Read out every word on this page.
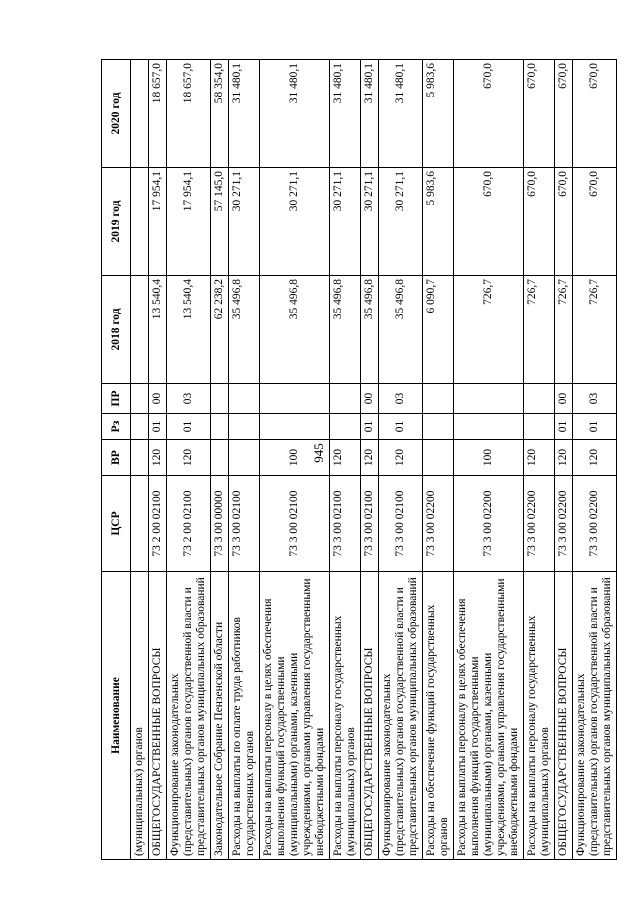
945
Наименование	ЦСР	ВР	Рз	ПР	2018 год	2019 год	2020 год
(муниципальных) органов							
ОБЩЕГОСУДАРСТВЕННЫЕ ВОПРОСЫ	73 2 00 02100	120	01	00	13 540,4	17 954,1	18 657,0
Функционирование законодательных (представительных) органов государственной власти и представительных органов муниципальных образований	73 2 00 02100	120	01	03	13 540,4	17 954,1	18 657,0
Законодательное Собрание Пензенской области	73 3 00 00000				62 238,2	57 145,0	58 354,0
Расходы на выплаты по оплате труда работников государственных органов	73 3 00 02100				35 496,8	30 271,1	31 480,1
Расходы на выплаты персоналу в целях обеспечения выполнения функций государственными (муниципальными) органами, казенными учреждениями, органами управления государственными внебюджетными фондами	73 3 00 02100	100			35 496,8	30 271,1	31 480,1
Расходы на выплаты персоналу государственных (муниципальных) органов	73 3 00 02100	120			35 496,8	30 271,1	31 480,1
ОБЩЕГОСУДАРСТВЕННЫЕ ВОПРОСЫ	73 3 00 02100	120	01	00	35 496,8	30 271,1	31 480,1
Функционирование законодательных (представительных) органов государственной власти и представительных органов муниципальных образований	73 3 00 02100	120	01	03	35 496,8	30 271,1	31 480,1
Расходы на обеспечение функций государственных органов	73 3 00 02200				6 090,7	5 983,6	5 983,6
Расходы на выплаты персоналу в целях обеспечения выполнения функций государственными (муниципальными) органами, казенными учреждениями, органами управления государственными внебюджетными фондами	73 3 00 02200	100			726,7	670,0	670,0
Расходы на выплаты персоналу государственных (муниципальных) органов	73 3 00 02200	120			726,7	670,0	670,0
ОБЩЕГОСУДАРСТВЕННЫЕ ВОПРОСЫ	73 3 00 02200	120	01	00	726,7	670,0	670,0
Функционирование законодательных (представительных) органов государственной власти и представительных органов муниципальных образований	73 3 00 02200	120	01	03	726,7	670,0	670,0
